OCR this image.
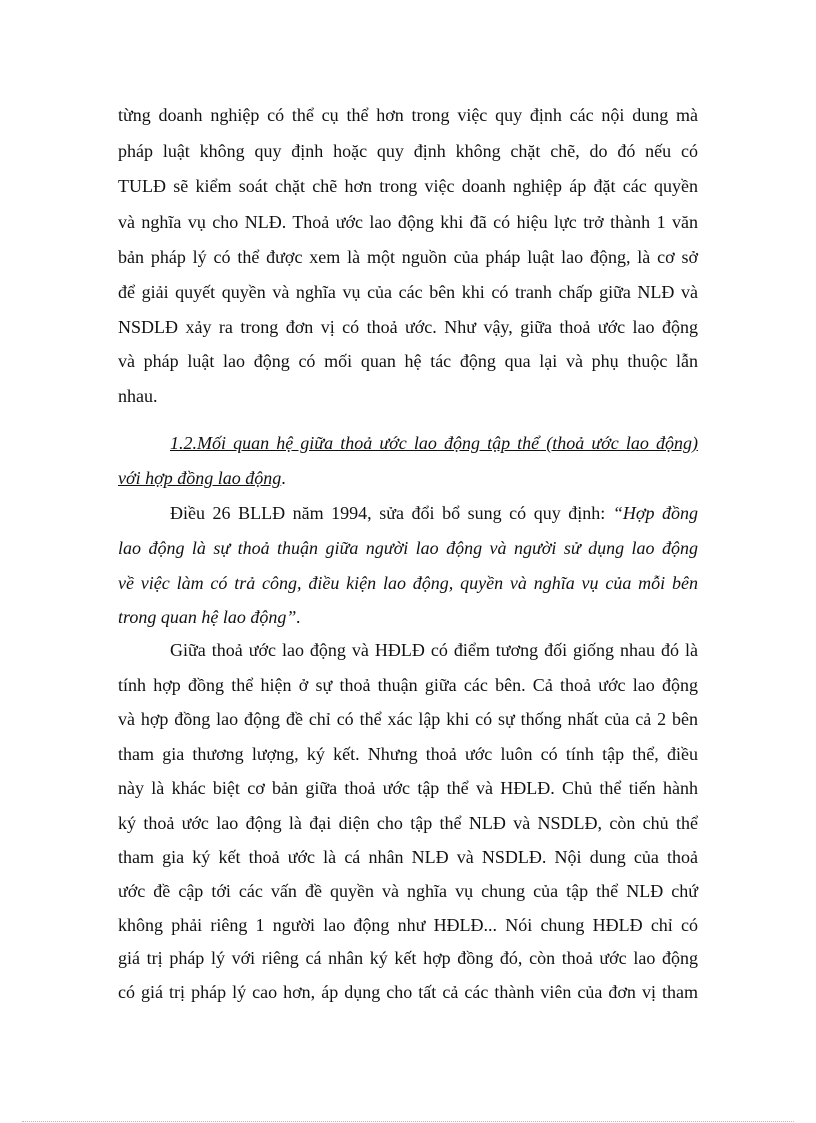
từng doanh nghiệp có thể cụ thể hơn trong việc quy định các nội dung mà
pháp luật không quy định hoặc quy định không chặt chẽ, do đó nếu có
TULĐ sẽ kiểm soát chặt chẽ hơn trong việc doanh nghiệp áp đặt các quyền
và nghĩa vụ cho NLĐ. Thoả ước lao động khi đã có hiệu lực trở thành 1 văn
bản pháp lý có thể được xem là một nguồn của pháp luật lao động, là cơ sở
để giải quyết quyền và nghĩa vụ của các bên khi có tranh chấp giữa NLĐ và
NSDLĐ xảy ra trong đơn vị có thoả ước. Như vậy, giữa thoả ước lao động
và pháp luật lao động có mối quan hệ tác động qua lại và phụ thuộc lẫn
nhau.
1.2.Mối quan hệ giữa thoả ước lao động tập thể (thoả ước lao động)
với hợp đồng lao động.
Điều 26 BLLĐ năm 1994, sửa đổi bổ sung có quy định: “Hợp đồng
lao động là sự thoả thuận giữa người lao động và người sử dụng lao động
về việc làm có trả công, điều kiện lao động, quyền và nghĩa vụ của mỗi bên
trong quan hệ lao động”.
Giữa thoả ước lao động và HĐLĐ có điểm tương đối giống nhau đó là
tính hợp đồng thể hiện ở sự thoả thuận giữa các bên. Cả thoả ước lao động
và hợp đồng lao động đề chỉ có thể xác lập khi có sự thống nhất của cả 2 bên
tham gia thương lượng, ký kết. Nhưng thoả ước luôn có tính tập thể, điều
này là khác biệt cơ bản giữa thoả ước tập thể và HĐLĐ. Chủ thể tiến hành
ký thoả ước lao động là đại diện cho tập thể NLĐ và NSDLĐ, còn chủ thể
tham gia ký kết thoả ước là cá nhân NLĐ và NSDLĐ. Nội dung của thoả
ước đề cập tới các vấn đề quyền và nghĩa vụ chung của tập thể NLĐ chứ
không phải riêng 1 người lao động như HĐLĐ... Nói chung HĐLĐ chỉ có
giá trị pháp lý với riêng cá nhân ký kết hợp đồng đó, còn thoả ước lao động
có giá trị pháp lý cao hơn, áp dụng cho tất cả các thành viên của đơn vị tham
